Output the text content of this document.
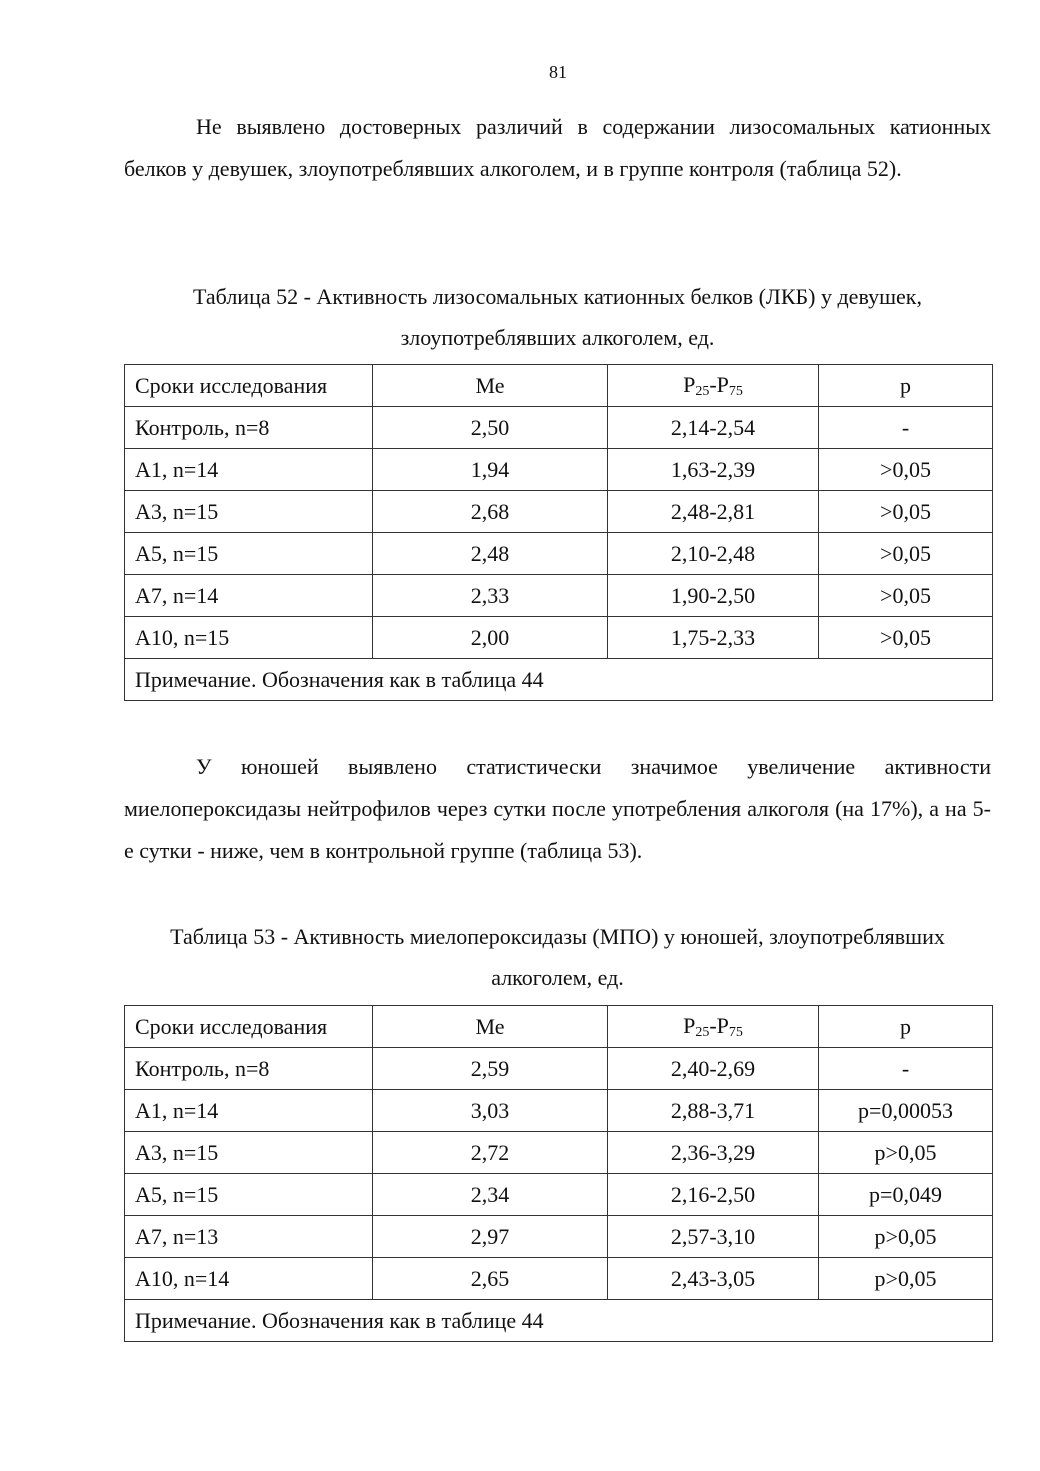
81

Не выявлено достоверных различий в содержании лизосомальных катионных белков у девушек, злоупотреблявших алкоголем, и в группе контроля (таблица 52).

Таблица 52 - Активность лизосомальных катионных белков (ЛКБ) у девушек,
злоупотреблявших алкоголем, ед.

Сроки исследования	Ме	$P_{25}-P_{75}$	p
Контроль, n=8	2,50	2,14-2,54	-
А1, n=14	1,94	1,63-2,39	>0,05
А3, n=15	2,68	2,48-2,81	>0,05
А5, n=15	2,48	2,10-2,48	>0,05
А7, n=14	2,33	1,90-2,50	>0,05
А10, n=15	2,00	1,75-2,33	>0,05
Примечание. Обозначения как в таблица 44			

У юношей выявлено статистически значимое увеличение активности миелопероксидазы нейтрофилов через сутки после употребления алкоголя (на 17%), а на 5-е сутки - ниже, чем в контрольной группе (таблица 53).

Таблица 53 - Активность миелопероксидазы (МПО) у юношей, злоупотреблявших
алкоголем, ед.

Сроки исследования	Ме	$P_{25}-P_{75}$	p
Контроль, n=8	2,59	2,40-2,69	-
А1, n=14	3,03	2,88-3,71	p=0,00053
А3, n=15	2,72	2,36-3,29	p>0,05
А5, n=15	2,34	2,16-2,50	p=0,049
А7, n=13	2,97	2,57-3,10	p>0,05
А10, n=14	2,65	2,43-3,05	p>0,05
Примечание. Обозначения как в таблице 44			
